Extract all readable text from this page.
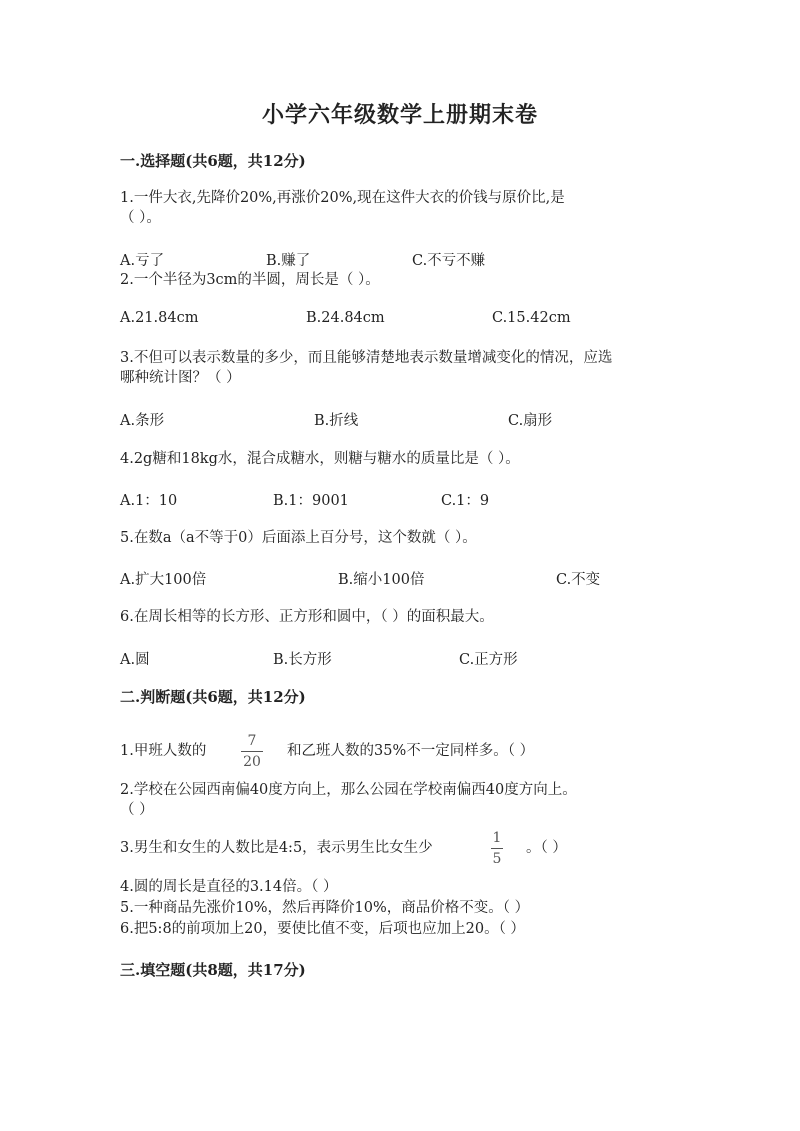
小学六年级数学上册期末卷
一.选择题(共6题，共12分)
1.一件大衣,先降价20%,再涨价20%,现在这件大衣的价钱与原价比,是
（ ）。
A.亏了	B.赚了	C.不亏不赚
2.一个半径为3cm的半圆，周长是（ ）。
A.21.84cm	B.24.84cm	C.15.42cm
3.不但可以表示数量的多少，而且能够清楚地表示数量增减变化的情况，应选
哪种统计图？（ ）
A.条形	B.折线	C.扇形
4.2g糖和18kg水，混合成糖水，则糖与糖水的质量比是（ ）。
A.1：10	B.1：9001	C.1：9
5.在数a（a不等于0）后面添上百分号，这个数就（ ）。
A.扩大100倍	B.缩小100倍	C.不变
6.在周长相等的长方形、正方形和圆中，（ ）的面积最大。
A.圆	B.长方形	C.正方形
二.判断题(共6题，共12分)
1.甲班人数的
7
20
和乙班人数的35%不一定同样多。（ ）
2.学校在公园西南偏40度方向上，那么公园在学校南偏西40度方向上。
（ ）
3.男生和女生的人数比是4:5，表示男生比女生少
1
5
。（ ）
4.圆的周长是直径的3.14倍。（ ）
5.一种商品先涨价10%，然后再降价10%，商品价格不变。（ ）
6.把5:8的前项加上20，要使比值不变，后项也应加上20。（ ）
三.填空题(共8题，共17分)
